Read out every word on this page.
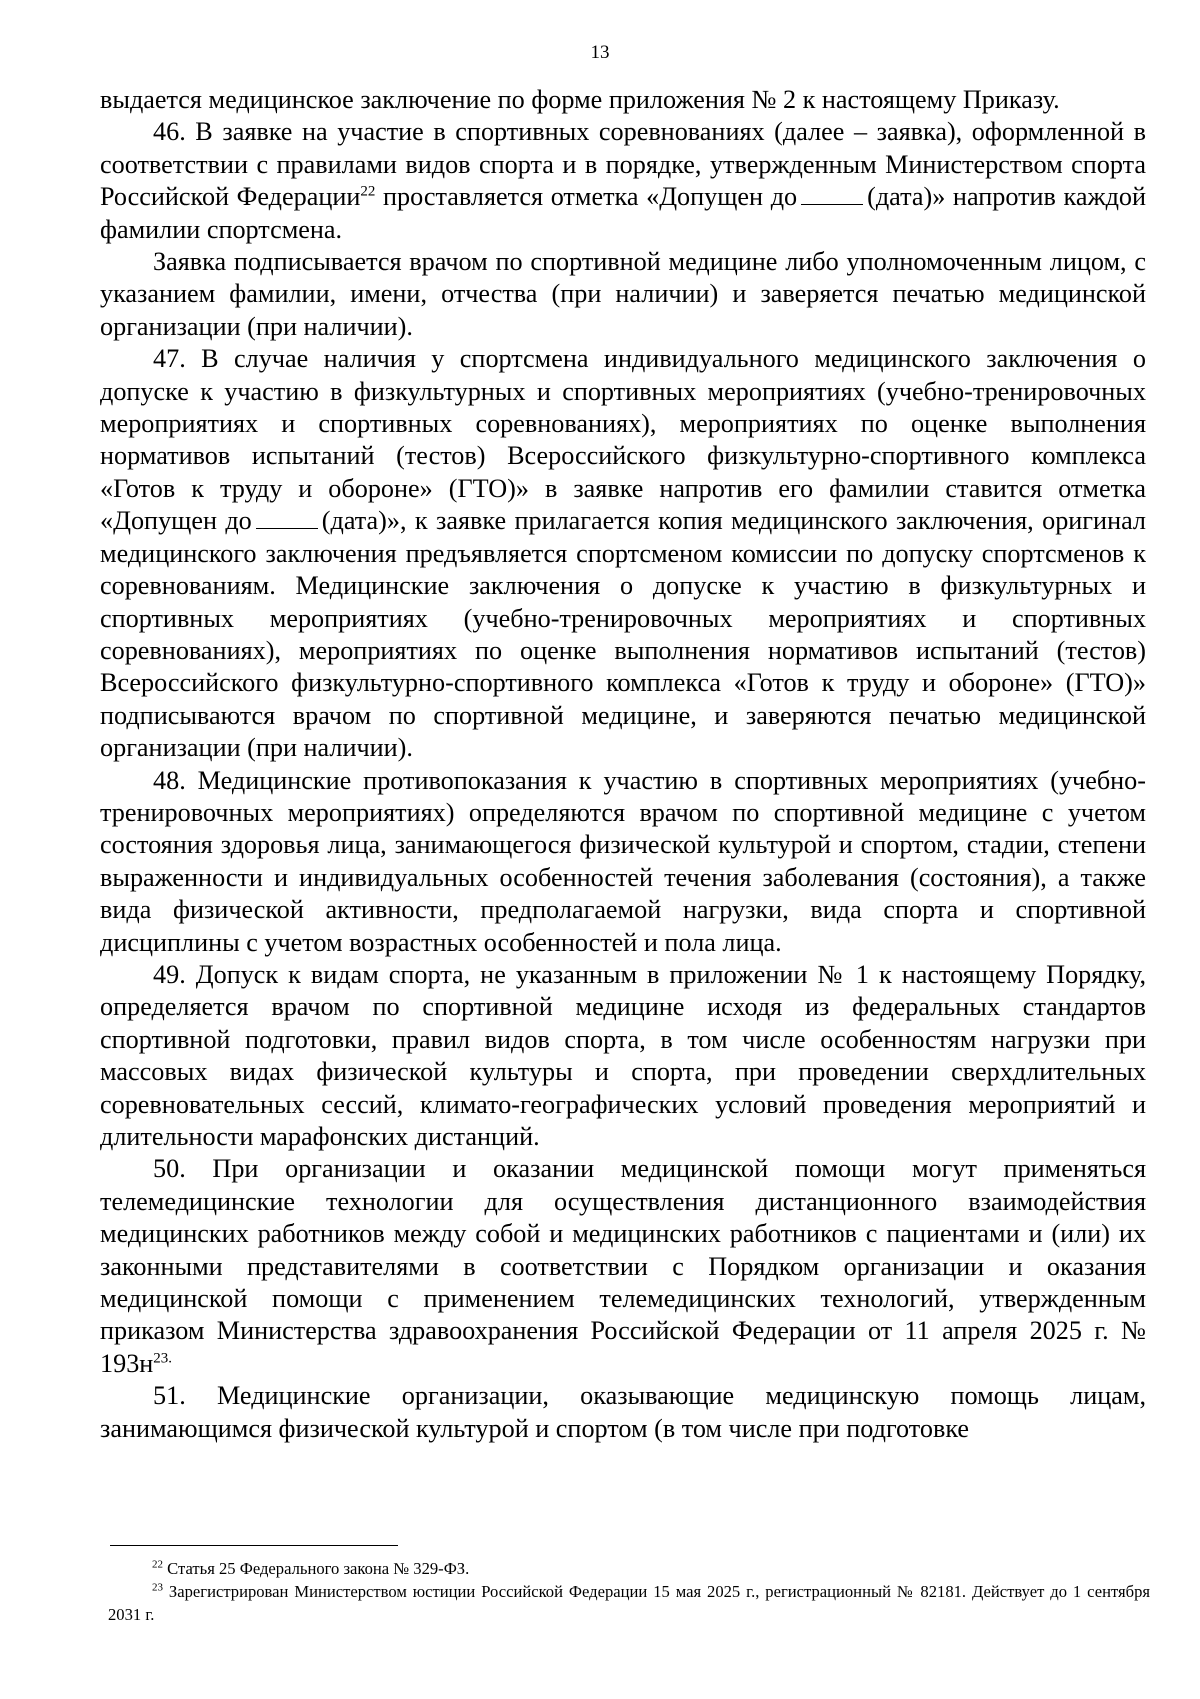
13

выдается медицинское заключение по форме приложения № 2 к настоящему Приказу.

46. В заявке на участие в спортивных соревнованиях (далее – заявка), оформленной в соответствии с правилами видов спорта и в порядке, утвержденным Министерством спорта Российской Федерации$^{22}$ проставляется отметка «Допущен до	(дата)» напротив каждой фамилии спортсмена.

Заявка подписывается врачом по спортивной медицине либо уполномоченным лицом, с указанием фамилии, имени, отчества (при наличии) и заверяется печатью медицинской организации (при наличии).

47. В случае наличия у спортсмена индивидуального медицинского заключения о допуске к участию в физкультурных и спортивных мероприятиях (учебно-тренировочных мероприятиях и спортивных соревнованиях), мероприятиях по оценке выполнения нормативов испытаний (тестов) Всероссийского физкультурно-спортивного комплекса «Готов к труду и обороне» (ГТО)» в заявке напротив его фамилии ставится отметка «Допущен до	(дата)», к заявке прилагается копия медицинского заключения, оригинал медицинского заключения предъявляется спортсменом комиссии по допуску спортсменов к соревнованиям. Медицинские заключения о допуске к участию в физкультурных и спортивных мероприятиях (учебно-тренировочных мероприятиях и спортивных соревнованиях), мероприятиях по оценке выполнения нормативов испытаний (тестов) Всероссийского физкультурно-спортивного комплекса «Готов к труду и обороне» (ГТО)» подписываются врачом по спортивной медицине, и заверяются печатью медицинской организации (при наличии).

48. Медицинские противопоказания к участию в спортивных мероприятиях (учебно-тренировочных мероприятиях) определяются врачом по спортивной медицине с учетом состояния здоровья лица, занимающегося физической культурой и спортом, стадии, степени выраженности и индивидуальных особенностей течения заболевания (состояния), а также вида физической активности, предполагаемой нагрузки, вида спорта и спортивной дисциплины с учетом возрастных особенностей и пола лица.

49. Допуск к видам спорта, не указанным в приложении № 1 к настоящему Порядку, определяется врачом по спортивной медицине исходя из федеральных стандартов спортивной подготовки, правил видов спорта, в том числе особенностям нагрузки при массовых видах физической культуры и спорта, при проведении сверхдлительных соревновательных сессий, климато-географических условий проведения мероприятий и длительности марафонских дистанций.

50. При организации и оказании медицинской помощи могут применяться телемедицинские технологии для осуществления дистанционного взаимодействия медицинских работников между собой и медицинских работников с пациентами и (или) их законными представителями в соответствии с Порядком организации и оказания медицинской помощи с применением телемедицинских технологий, утвержденным приказом Министерства здравоохранения Российской Федерации от 11 апреля 2025 г. № $193н^{23.}$

51. Медицинские организации, оказывающие медицинскую помощь лицам, занимающимся физической культурой и спортом (в том числе при подготовке

$^{22}$ Статья 25 Федерального закона № 329-ФЗ.

$^{23}$ Зарегистрирован Министерством юстиции Российской Федерации 15 мая 2025 г., регистрационный № 82181. Действует до 1 сентября 2031 г.
